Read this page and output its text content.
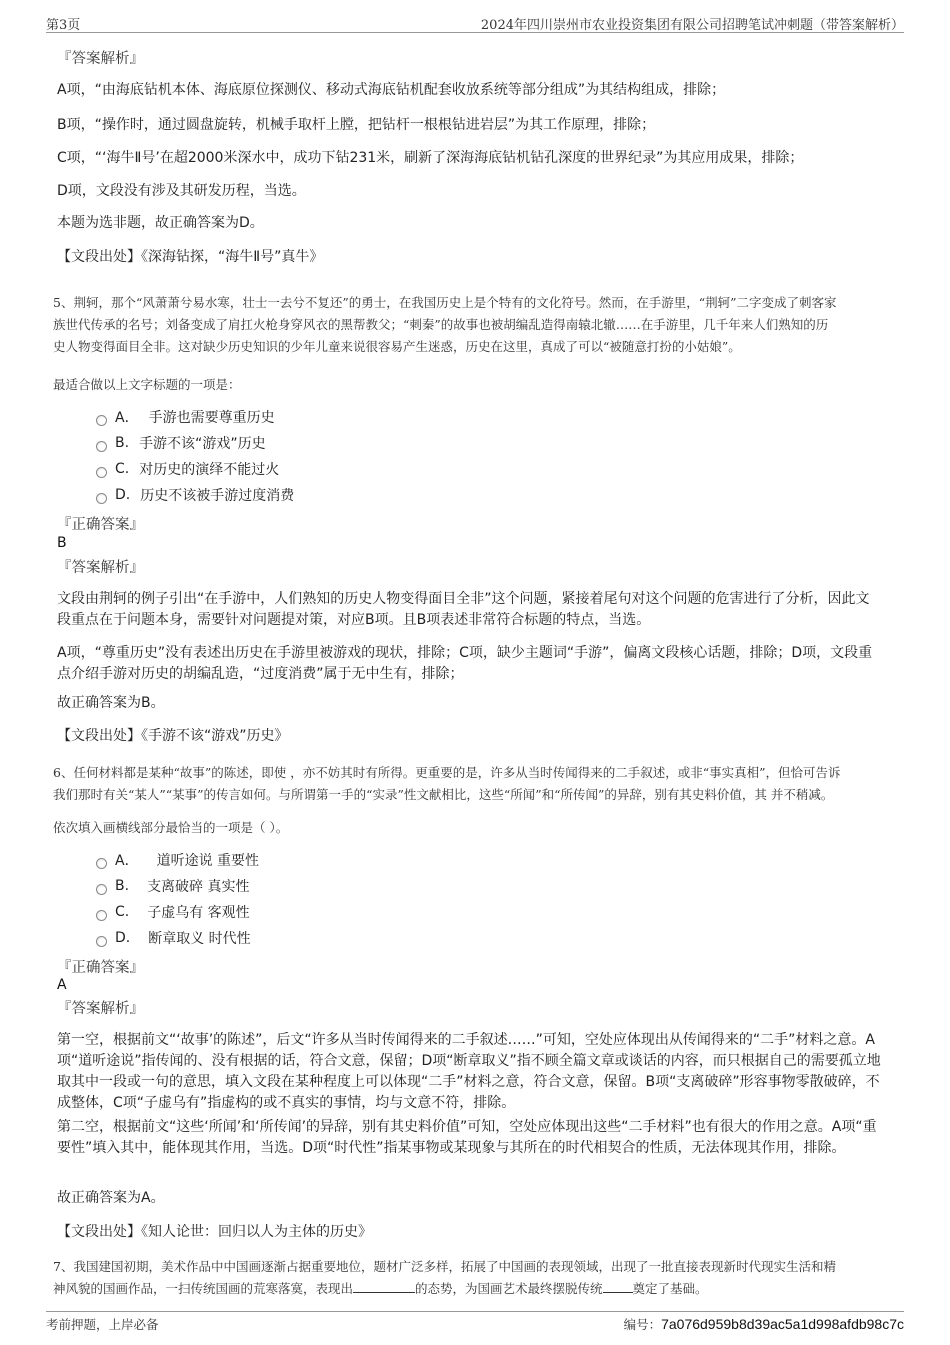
第3页	2024年四川崇州市农业投资集团有限公司招聘笔试冲刺题（带答案解析）
『答案解析』
A项，“由海底钻机本体、海底原位探测仪、移动式海底钻机配套收放系统等部分组成”为其结构组成，排除；
B项，“操作时，通过圆盘旋转，机械手取杆上膛，把钻杆一根根钻进岩层”为其工作原理，排除；
C项，“‘海牛Ⅱ号’在超2000米深水中，成功下钻231米，刷新了深海海底钻机钻孔深度的世界纪录”为其应用成果，排除；
D项，文段没有涉及其研发历程，当选。
本题为选非题，故正确答案为D。
【文段出处】《深海钻探，“海牛Ⅱ号”真牛》
5、荆轲，那个“风萧萧兮易水寒，壮士一去兮不复还”的勇士，在我国历史上是个特有的文化符号。然而，在手游里，“荆轲”二字变成了刺客家
族世代传承的名号；刘备变成了肩扛火枪身穿风衣的黑帮教父；“刺秦”的故事也被胡编乱造得南辕北辙……在手游里，几千年来人们熟知的历
史人物变得面目全非。这对缺少历史知识的少年儿童来说很容易产生迷惑，历史在这里，真成了可以“被随意打扮的小姑娘”。
最适合做以上文字标题的一项是：
A． 手游也需要尊重历史
B. 手游不该“游戏”历史
C. 对历史的演绎不能过火
D. 历史不该被手游过度消费
『正确答案』
B
『答案解析』
文段由荆轲的例子引出“在手游中，人们熟知的历史人物变得面目全非”这个问题，紧接着尾句对这个问题的危害进行了分析，因此文段重点在于问题本身，需要针对问题提对策，对应B项。且B项表述非常符合标题的特点，当选。
A项，“尊重历史”没有表述出历史在手游里被游戏的现状，排除；C项，缺少主题词“手游”，偏离文段核心话题，排除；D项，文段重点介绍手游对历史的胡编乱造，“过度消费”属于无中生有，排除；
故正确答案为B。
【文段出处】《手游不该“游戏”历史》
6、任何材料都是某种“故事”的陈述，即使 ，亦不妨其时有所得。更重要的是，许多从当时传闻得来的二手叙述，或非“事实真相”，但恰可告诉
我们那时有关“某人”“某事”的传言如何。与所谓第一手的“实录”性文献相比，这些“所闻”和“所传闻”的异辞，别有其史料价值，其 并不稍减。
依次填入画横线部分最恰当的一项是（ ）。
A． 道听途说 重要性
B. 支离破碎 真实性
C. 子虚乌有 客观性
D. 断章取义 时代性
『正确答案』
A
『答案解析』
第一空，根据前文“‘故事’的陈述”，后文“许多从当时传闻得来的二手叙述……”可知，空处应体现出从传闻得来的“二手”材料之意。A项“道听途说”指传闻的、没有根据的话，符合文意，保留；D项“断章取义”指不顾全篇文章或谈话的内容，而只根据自己的需要孤立地取其中一段或一句的意思，填入文段在某种程度上可以体现“二手”材料之意，符合文意，保留。B项“支离破碎”形容事物零散破碎，不成整体，C项“子虚乌有”指虚构的或不真实的事情，均与文意不符，排除。
第二空，根据前文“这些‘所闻’和‘所传闻’的异辞，别有其史料价值”可知，空处应体现出这些“二手材料”也有很大的作用之意。A项“重要性”填入其中，能体现其作用，当选。D项“时代性”指某事物或某现象与其所在的时代相契合的性质，无法体现其作用，排除。
故正确答案为A。
【文段出处】《知人论世：回归以人为主体的历史》
7、我国建国初期，美术作品中中国画逐渐占据重要地位，题材广泛多样，拓展了中国画的表现领域，出现了一批直接表现新时代现实生活和精
神风貌的国画作品，一扫传统国画的荒寒落寞，表现出	的态势，为国画艺术最终摆脱传统 奠定了基础。
考前押题，上岸必备	编号：7a076d959b8d39ac5a1d998afdb98c7c
